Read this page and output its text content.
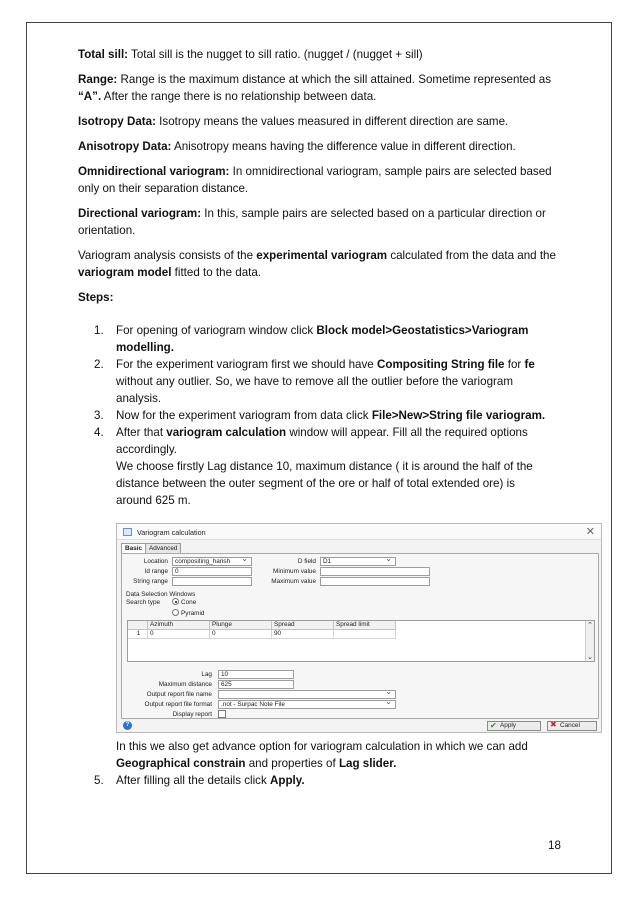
Total sill: Total sill is the nugget to sill ratio. (nugget / (nugget + sill)

Range: Range is the maximum distance at which the sill attained. Sometime represented as
“A”. After the range there is no relationship between data.

Isotropy Data: Isotropy means the values measured in different direction are same.

Anisotropy Data: Anisotropy means having the difference value in different direction.

Omnidirectional variogram: In omnidirectional variogram, sample pairs are selected based
only on their separation distance.

Directional variogram: In this, sample pairs are selected based on a particular direction or
orientation.

Variogram analysis consists of the experimental variogram calculated from the data and the
variogram model fitted to the data.

Steps:

1. For opening of variogram window click Block model>Geostatistics>Variogram
modelling.
2. For the experiment variogram first we should have Compositing String file for fe
without any outlier. So, we have to remove all the outlier before the variogram
analysis.
3. Now for the experiment variogram from data click File>New>String file variogram.
4. After that variogram calculation window will appear. Fill all the required options
accordingly.
We choose firstly Lag distance 10, maximum distance ( it is around the half of the
distance between the outer segment of the ore or half of total extended ore) is
around 625 m.
Variogram calculation	✕
Basic	Advanced
Location	compositing_harish ⌄
Id range	0
String range
D field	D1 ⌄
Minimum value
Maximum value
Data Selection Windows
Search type	Cone
Pyramid
Azimuth	Plunge	Spread	Spread limit
1	0	0	90
⌃
⌄
Lag	10
Maximum distance	625
Output report file name
⌄
Output report file format	.not - Surpac Note File ⌄
Display report
?	✔ Apply	✖ Cancel
In this we also get advance option for variogram calculation in which we can add
Geographical constrain and properties of Lag slider.
5. After filling all the details click Apply.
18
